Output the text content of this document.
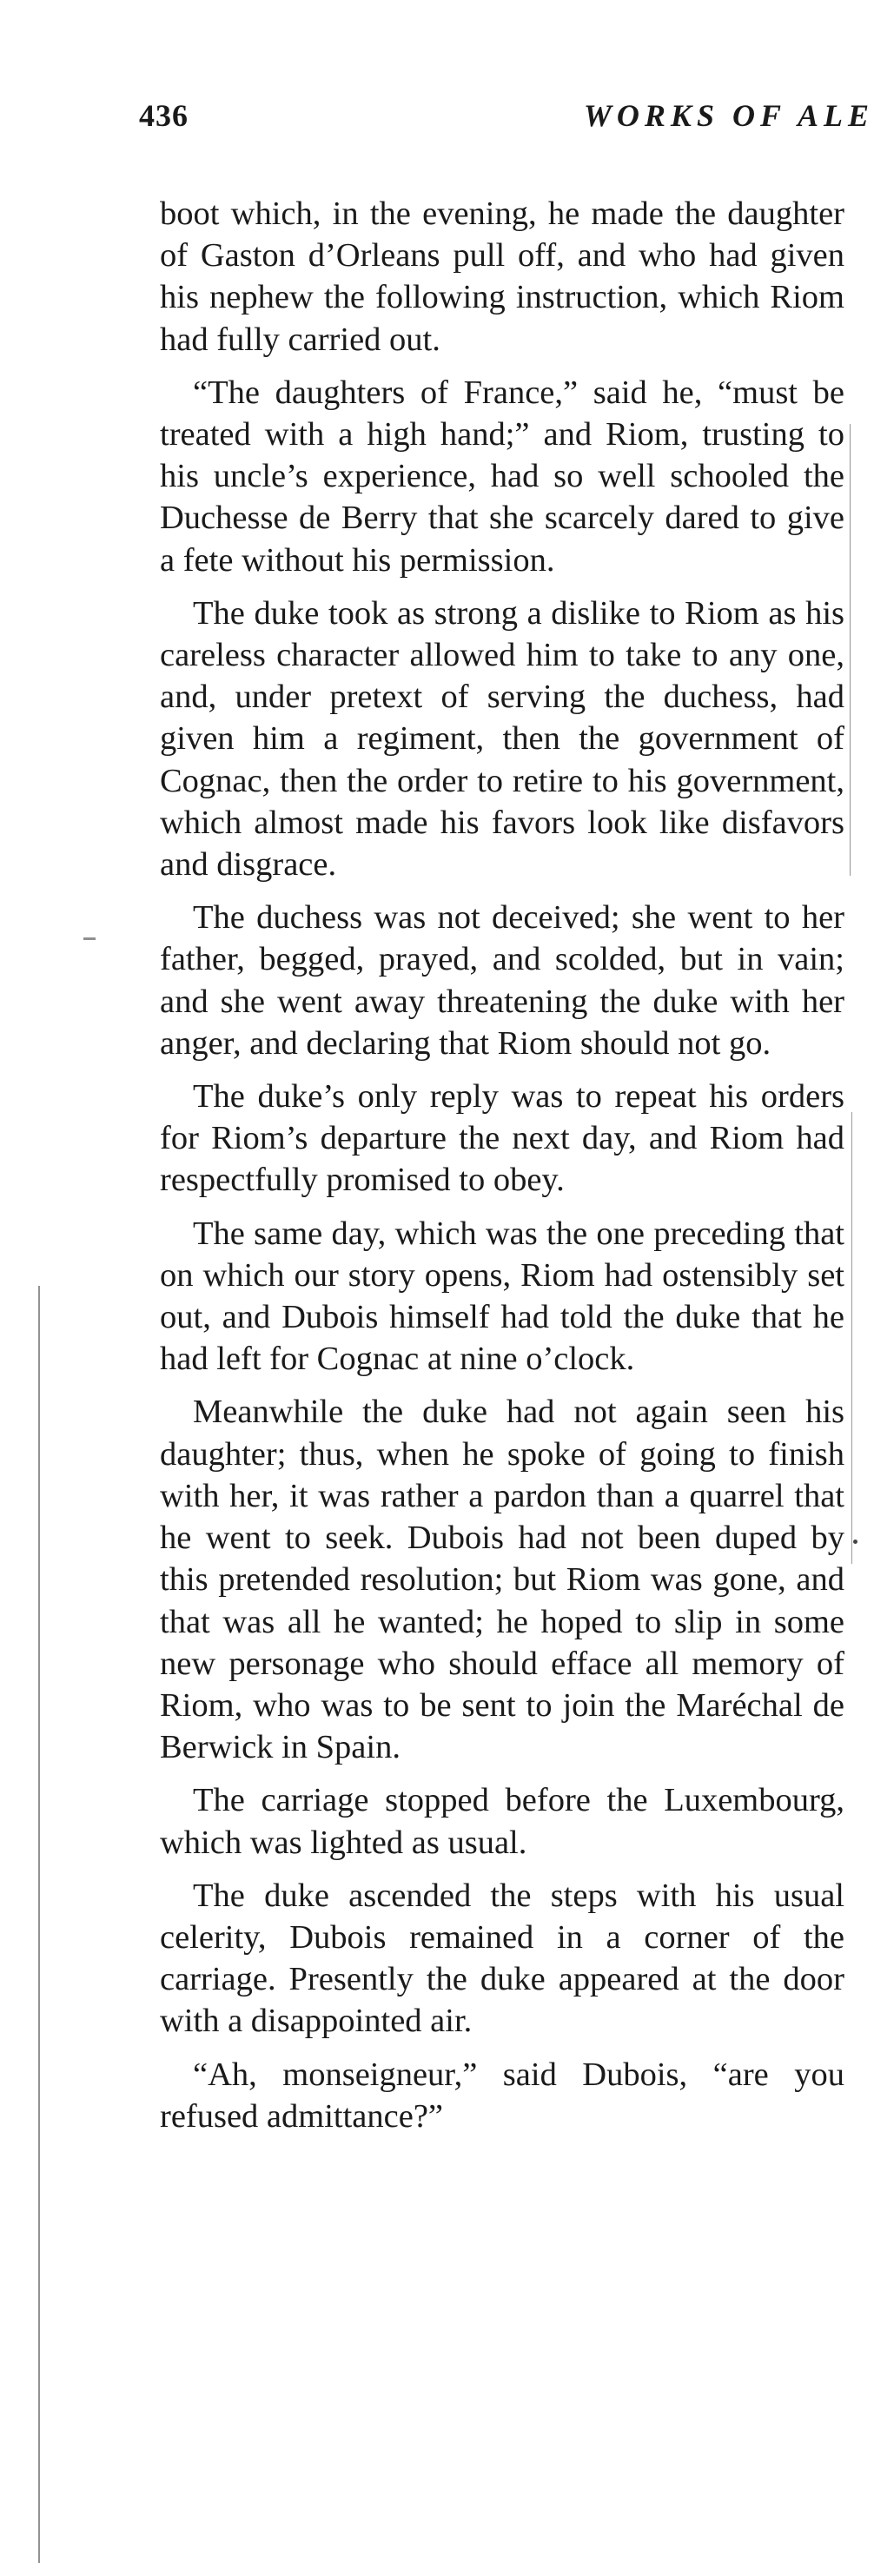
436	WORKS OF ALE

boot which, in the evening, he made the daughter of Gaston d’Orleans pull off, and who had given his nephew the following instruction, which Riom had fully carried out.

“The daughters of France,” said he, “must be treated with a high hand;” and Riom, trusting to his uncle’s experience, had so well schooled the Duchesse de Berry that she scarcely dared to give a fete without his permission.

The duke took as strong a dislike to Riom as his careless character allowed him to take to any one, and, under pretext of serving the duchess, had given him a regiment, then the government of Cognac, then the order to retire to his government, which almost made his favors look like disfavors and disgrace.

The duchess was not deceived; she went to her father, begged, prayed, and scolded, but in vain; and she went away threatening the duke with her anger, and declaring that Riom should not go.

The duke’s only reply was to repeat his orders for Riom’s departure the next day, and Riom had respectfully promised to obey.

The same day, which was the one preceding that on which our story opens, Riom had ostensibly set out, and Dubois himself had told the duke that he had left for Cognac at nine o’clock.

Meanwhile the duke had not again seen his daughter; thus, when he spoke of going to finish with her, it was rather a pardon than a quarrel that he went to seek. Dubois had not been duped by this pretended resolution; but Riom was gone, and that was all he wanted; he hoped to slip in some new personage who should efface all memory of Riom, who was to be sent to join the Maréchal de Berwick in Spain.

The carriage stopped before the Luxembourg, which was lighted as usual.

The duke ascended the steps with his usual celerity, Dubois remained in a corner of the carriage. Presently the duke appeared at the door with a disappointed air.

“Ah, monseigneur,” said Dubois, “are you refused admittance?”
